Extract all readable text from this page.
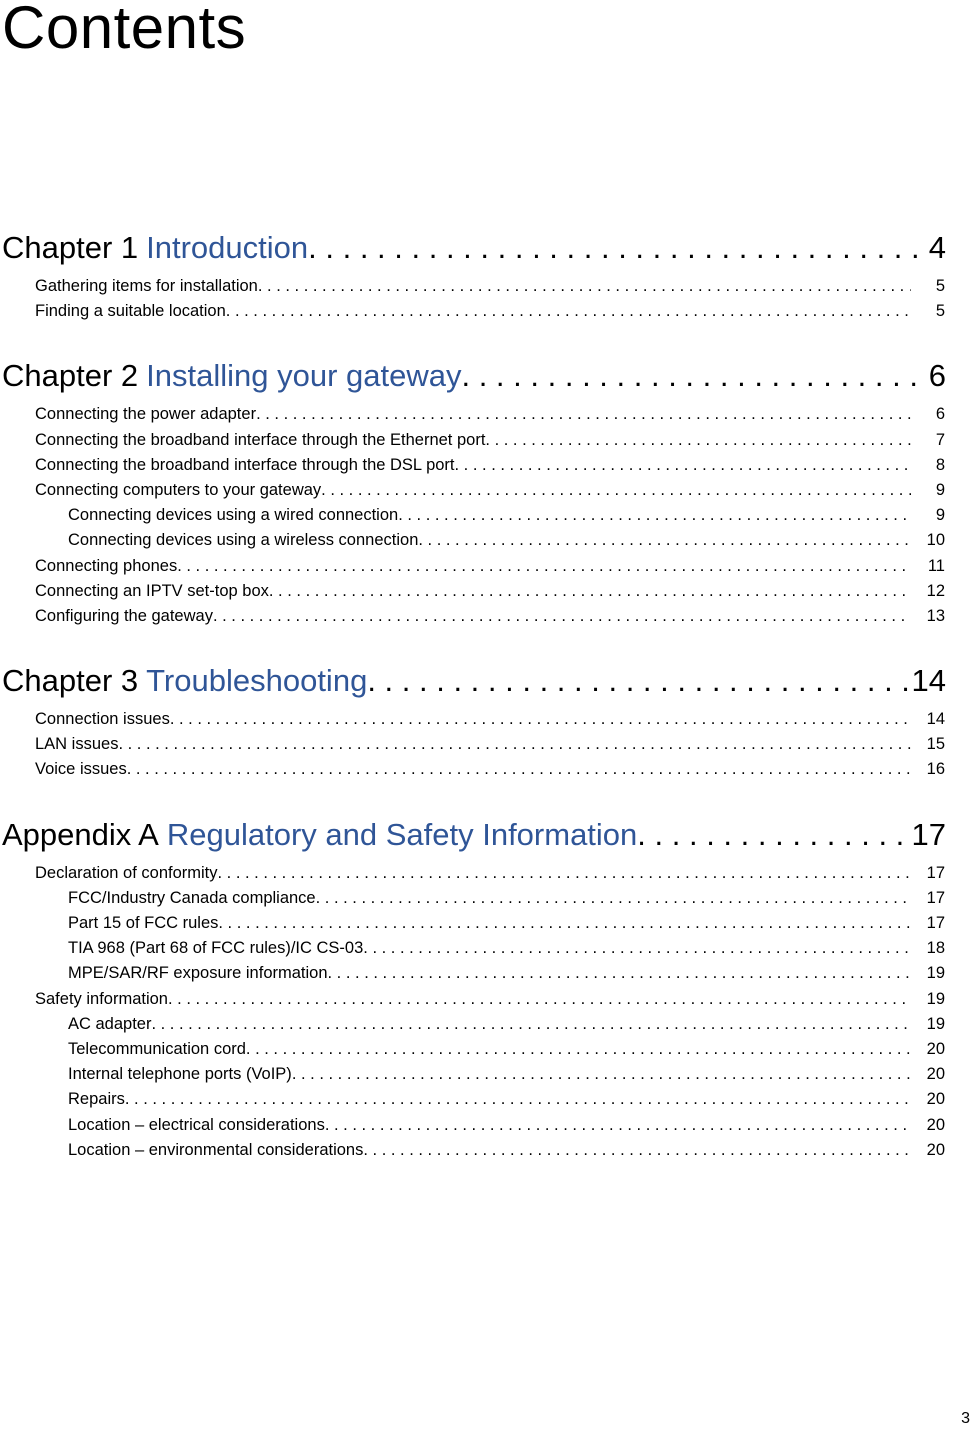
Contents
Chapter 1 Introduction . . .	4
Gathering items for installation . . .	5
Finding a suitable location . . .	5
Chapter 2 Installing your gateway . . .	6
Connecting the power adapter . . .	6
Connecting the broadband interface through the Ethernet port . . .	7
Connecting the broadband interface through the DSL port . . .	8
Connecting computers to your gateway . . .	9
Connecting devices using a wired connection . . .	9
Connecting devices using a wireless connection . . .	10
Connecting phones . . .	11
Connecting an IPTV set-top box . . .	12
Configuring the gateway . . .	13
Chapter 3 Troubleshooting . . .	14
Connection issues . . .	14
LAN issues . . .	15
Voice issues . . .	16
Appendix A Regulatory and Safety Information . . .	17
Declaration of conformity . . .	17
FCC/Industry Canada compliance . . .	17
Part 15 of FCC rules . . .	17
TIA 968 (Part 68 of FCC rules)/IC CS-03 . . .	18
MPE/SAR/RF exposure information . . .	19
Safety information . . .	19
AC adapter . . .	19
Telecommunication cord . . .	20
Internal telephone ports (VoIP) . . .	20
Repairs . . .	20
Location – electrical considerations . . .	20
Location – environmental considerations . . .	20
3
